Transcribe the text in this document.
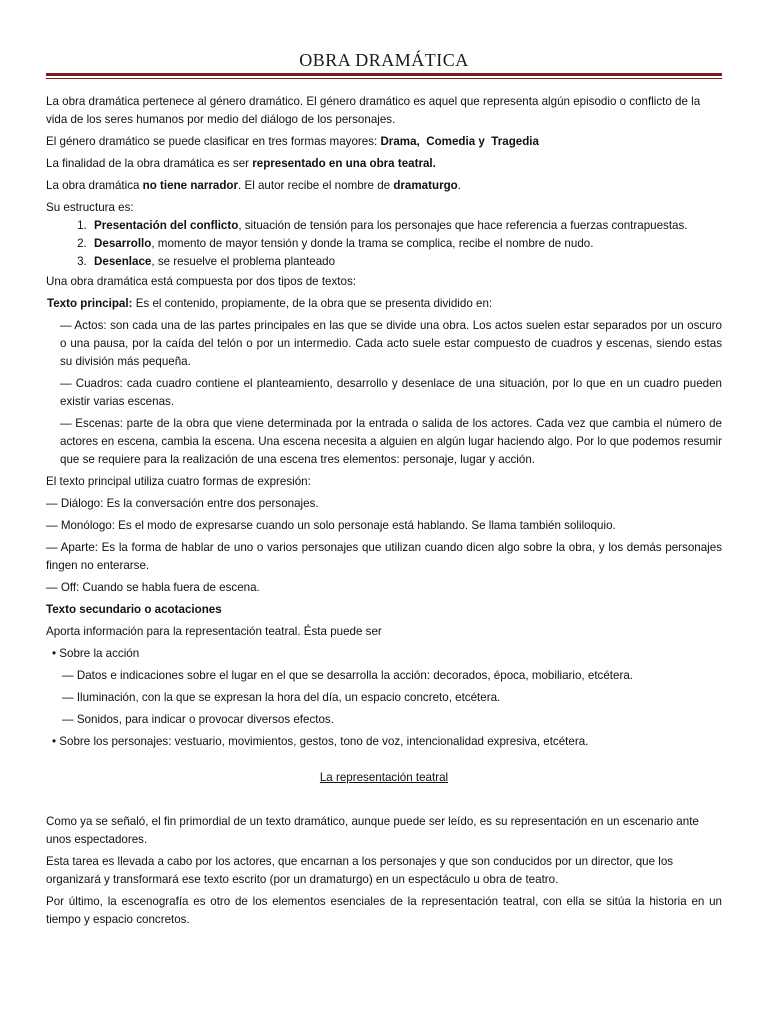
OBRA DRAMÁTICA

La obra dramática pertenece al género dramático. El género dramático es aquel que representa algún episodio o conflicto de la vida de los seres humanos por medio del diálogo de los personajes.

El género dramático se puede clasificar en tres formas mayores: Drama, Comedia y Tragedia

La finalidad de la obra dramática es ser representado en una obra teatral.

La obra dramática no tiene narrador. El autor recibe el nombre de dramaturgo.

Su estructura es:

1. Presentación del conflicto, situación de tensión para los personajes que hace referencia a fuerzas contrapuestas.
2. Desarrollo, momento de mayor tensión y donde la trama se complica, recibe el nombre de nudo.
3. Desenlace, se resuelve el problema planteado

Una obra dramática está compuesta por dos tipos de textos:

Texto principal: Es el contenido, propiamente, de la obra que se presenta dividido en:

— Actos: son cada una de las partes principales en las que se divide una obra. Los actos suelen estar separados por un oscuro o una pausa, por la caída del telón o por un intermedio. Cada acto suele estar compuesto de cuadros y escenas, siendo estas su división más pequeña.

— Cuadros: cada cuadro contiene el planteamiento, desarrollo y desenlace de una situación, por lo que en un cuadro pueden existir varias escenas.

— Escenas: parte de la obra que viene determinada por la entrada o salida de los actores. Cada vez que cambia el número de actores en escena, cambia la escena. Una escena necesita a alguien en algún lugar haciendo algo. Por lo que podemos resumir que se requiere para la realización de una escena tres elementos: personaje, lugar y acción.

El texto principal utiliza cuatro formas de expresión:

— Diálogo: Es la conversación entre dos personajes.

— Monólogo: Es el modo de expresarse cuando un solo personaje está hablando. Se llama también soliloquio.

— Aparte: Es la forma de hablar de uno o varios personajes que utilizan cuando dicen algo sobre la obra, y los demás personajes fingen no enterarse.

— Off: Cuando se habla fuera de escena.

Texto secundario o acotaciones

Aporta información para la representación teatral. Ésta puede ser

• Sobre la acción
— Datos e indicaciones sobre el lugar en el que se desarrolla la acción: decorados, época, mobiliario, etcétera.
— Iluminación, con la que se expresan la hora del día, un espacio concreto, etcétera.
— Sonidos, para indicar o provocar diversos efectos.
• Sobre los personajes: vestuario, movimientos, gestos, tono de voz, intencionalidad expresiva, etcétera.

La representación teatral

Como ya se señaló, el fin primordial de un texto dramático, aunque puede ser leído, es su representación en un escenario ante unos espectadores.

Esta tarea es llevada a cabo por los actores, que encarnan a los personajes y que son conducidos por un director, que los organizará y transformará ese texto escrito (por un dramaturgo) en un espectáculo u obra de teatro.

Por último, la escenografía es otro de los elementos esenciales de la representación teatral, con ella se sitúa la historia en un tiempo y espacio concretos.
